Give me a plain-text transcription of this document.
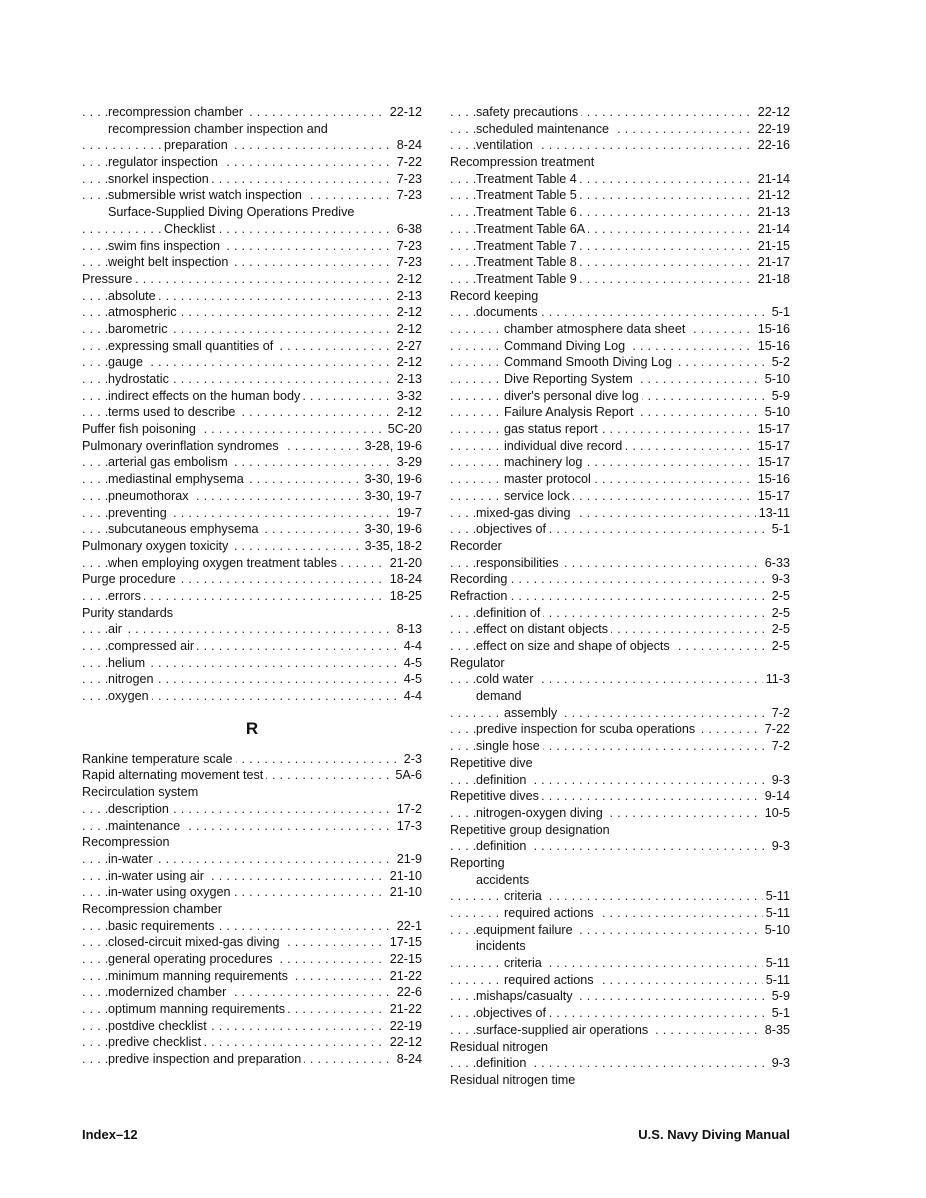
. . .
recompression chamber	22-12
recompression chamber inspection and
. . .
preparation	8-24
. . .
regulator inspection	7-22
. . .
snorkel inspection	7-23
. . .
submersible wrist watch inspection	7-23
Surface-Supplied Diving Operations Predive
. . .
Checklist	6-38
. . .
swim fins inspection	7-23
. . .
weight belt inspection	7-23
. . .
Pressure	2-12
. . .
absolute	2-13
. . .
atmospheric	2-12
. . .
barometric	2-12
. . .
expressing small quantities of	2-27
. . .
gauge	2-12
. . .
hydrostatic	2-13
. . .
indirect effects on the human body	3-32
. . .
terms used to describe	2-12
. . .
Puffer fish poisoning	5C-20
. . .
Pulmonary overinflation syndromes	3-28, 19-6
. . .
arterial gas embolism	3-29
. . .
mediastinal emphysema	3-30, 19-6
. . .
pneumothorax	3-30, 19-7
. . .
preventing	19-7
. . .
subcutaneous emphysema	3-30, 19-6
. . .
Pulmonary oxygen toxicity	3-35, 18-2
. . .
when employing oxygen treatment tables	21-20
. . .
Purge procedure	18-24
. . .
errors	18-25
Purity standards
. . .
air	8-13
. . .
compressed air	4-4
. . .
helium	4-5
. . .
nitrogen	4-5
. . .
oxygen	4-4
R
. . .
Rankine temperature scale	2-3
. . .
Rapid alternating movement test	5A-6
Recirculation system
. . .
description	17-2
. . .
maintenance	17-3
Recompression
. . .
in-water	21-9
. . .
in-water using air	21-10
. . .
in-water using oxygen	21-10
Recompression chamber
. . .
basic requirements	22-1
. . .
closed-circuit mixed-gas diving	17-15
. . .
general operating procedures	22-15
. . .
minimum manning requirements	21-22
. . .
modernized chamber	22-6
. . .
optimum manning requirements	21-22
. . .
postdive checklist	22-19
. . .
predive checklist	22-12
. . .
predive inspection and preparation	8-24
. . .
safety precautions	22-12
. . .
scheduled maintenance	22-19
. . .
ventilation	22-16
Recompression treatment
. . .
Treatment Table 4	21-14
. . .
Treatment Table 5	21-12
. . .
Treatment Table 6	21-13
. . .
Treatment Table 6A	21-14
. . .
Treatment Table 7	21-15
. . .
Treatment Table 8	21-17
. . .
Treatment Table 9	21-18
Record keeping
. . .
documents	5-1
. . .
chamber atmosphere data sheet	15-16
. . .
Command Diving Log	15-16
. . .
Command Smooth Diving Log	5-2
. . .
Dive Reporting System	5-10
. . .
diver's personal dive log	5-9
. . .
Failure Analysis Report	5-10
. . .
gas status report	15-17
. . .
individual dive record	15-17
. . .
machinery log	15-17
. . .
master protocol	15-16
. . .
service lock	15-17
. . .
mixed-gas diving	13-11
. . .
objectives of	5-1
Recorder
. . .
responsibilities	6-33
. . .
Recording	9-3
. . .
Refraction	2-5
. . .
definition of	2-5
. . .
effect on distant objects	2-5
. . .
effect on size and shape of objects	2-5
Regulator
. . .
cold water	11-3
demand
. . .
assembly	7-2
. . .
predive inspection for scuba operations	7-22
. . .
single hose	7-2
Repetitive dive
. . .
definition	9-3
. . .
Repetitive dives	9-14
. . .
nitrogen-oxygen diving	10-5
Repetitive group designation
. . .
definition	9-3
Reporting
accidents
. . .
criteria	5-11
. . .
required actions	5-11
. . .
equipment failure	5-10
incidents
. . .
criteria	5-11
. . .
required actions	5-11
. . .
mishaps/casualty	5-9
. . .
objectives of	5-1
. . .
surface-supplied air operations	8-35
Residual nitrogen
. . .
definition	9-3
Residual nitrogen time
Index–12	U.S. Navy Diving Manual
